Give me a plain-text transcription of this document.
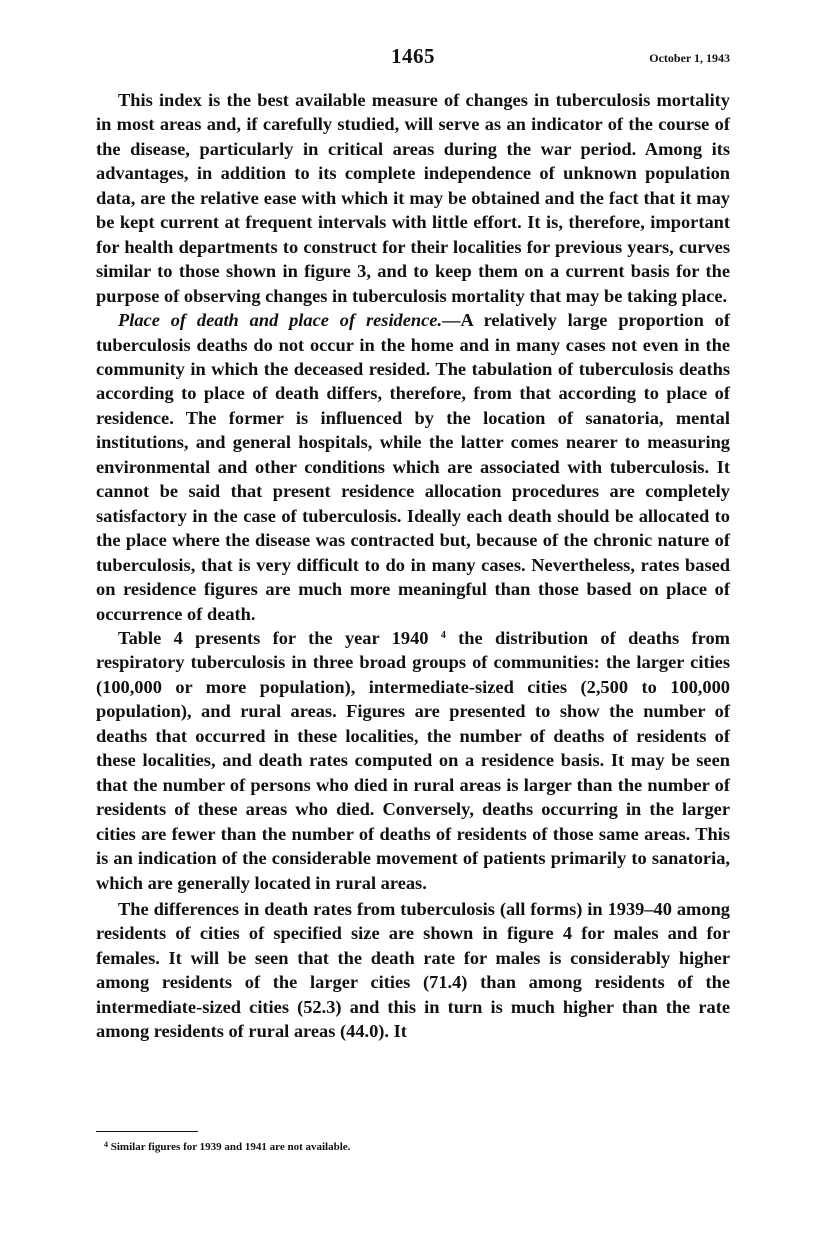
1465	October 1, 1943

This index is the best available measure of changes in tuberculosis mortality in most areas and, if carefully studied, will serve as an indicator of the course of the disease, particularly in critical areas during the war period. Among its advantages, in addition to its complete independence of unknown population data, are the relative ease with which it may be obtained and the fact that it may be kept current at frequent intervals with little effort. It is, therefore, important for health departments to construct for their localities for previous years, curves similar to those shown in figure 3, and to keep them on a current basis for the purpose of observing changes in tuberculosis mortality that may be taking place.

Place of death and place of residence.—A relatively large proportion of tuberculosis deaths do not occur in the home and in many cases not even in the community in which the deceased resided. The tabulation of tuberculosis deaths according to place of death differs, therefore, from that according to place of residence. The former is influenced by the location of sanatoria, mental institutions, and general hospitals, while the latter comes nearer to measuring environmental and other conditions which are associated with tuberculosis. It cannot be said that present residence allocation procedures are completely satisfactory in the case of tuberculosis. Ideally each death should be allocated to the place where the disease was contracted but, because of the chronic nature of tuberculosis, that is very difficult to do in many cases. Nevertheless, rates based on residence figures are much more meaningful than those based on place of occurrence of death.

Table 4 presents for the year 1940 $^4$ the distribution of deaths from respiratory tuberculosis in three broad groups of communities: the larger cities (100,000 or more population), intermediate-sized cities (2,500 to 100,000 population), and rural areas. Figures are presented to show the number of deaths that occurred in these localities, the number of deaths of residents of these localities, and death rates computed on a residence basis. It may be seen that the number of persons who died in rural areas is larger than the number of residents of these areas who died. Conversely, deaths occurring in the larger cities are fewer than the number of deaths of residents of those same areas. This is an indication of the considerable movement of patients primarily to sanatoria, which are generally located in rural areas.

The differences in death rates from tuberculosis (all forms) in 1939–40 among residents of cities of specified size are shown in figure 4 for males and for females. It will be seen that the death rate for males is considerably higher among residents of the larger cities (71.4) than among residents of the intermediate-sized cities (52.3) and this in turn is much higher than the rate among residents of rural areas (44.0). It

$^4$ Similar figures for 1939 and 1941 are not available.
